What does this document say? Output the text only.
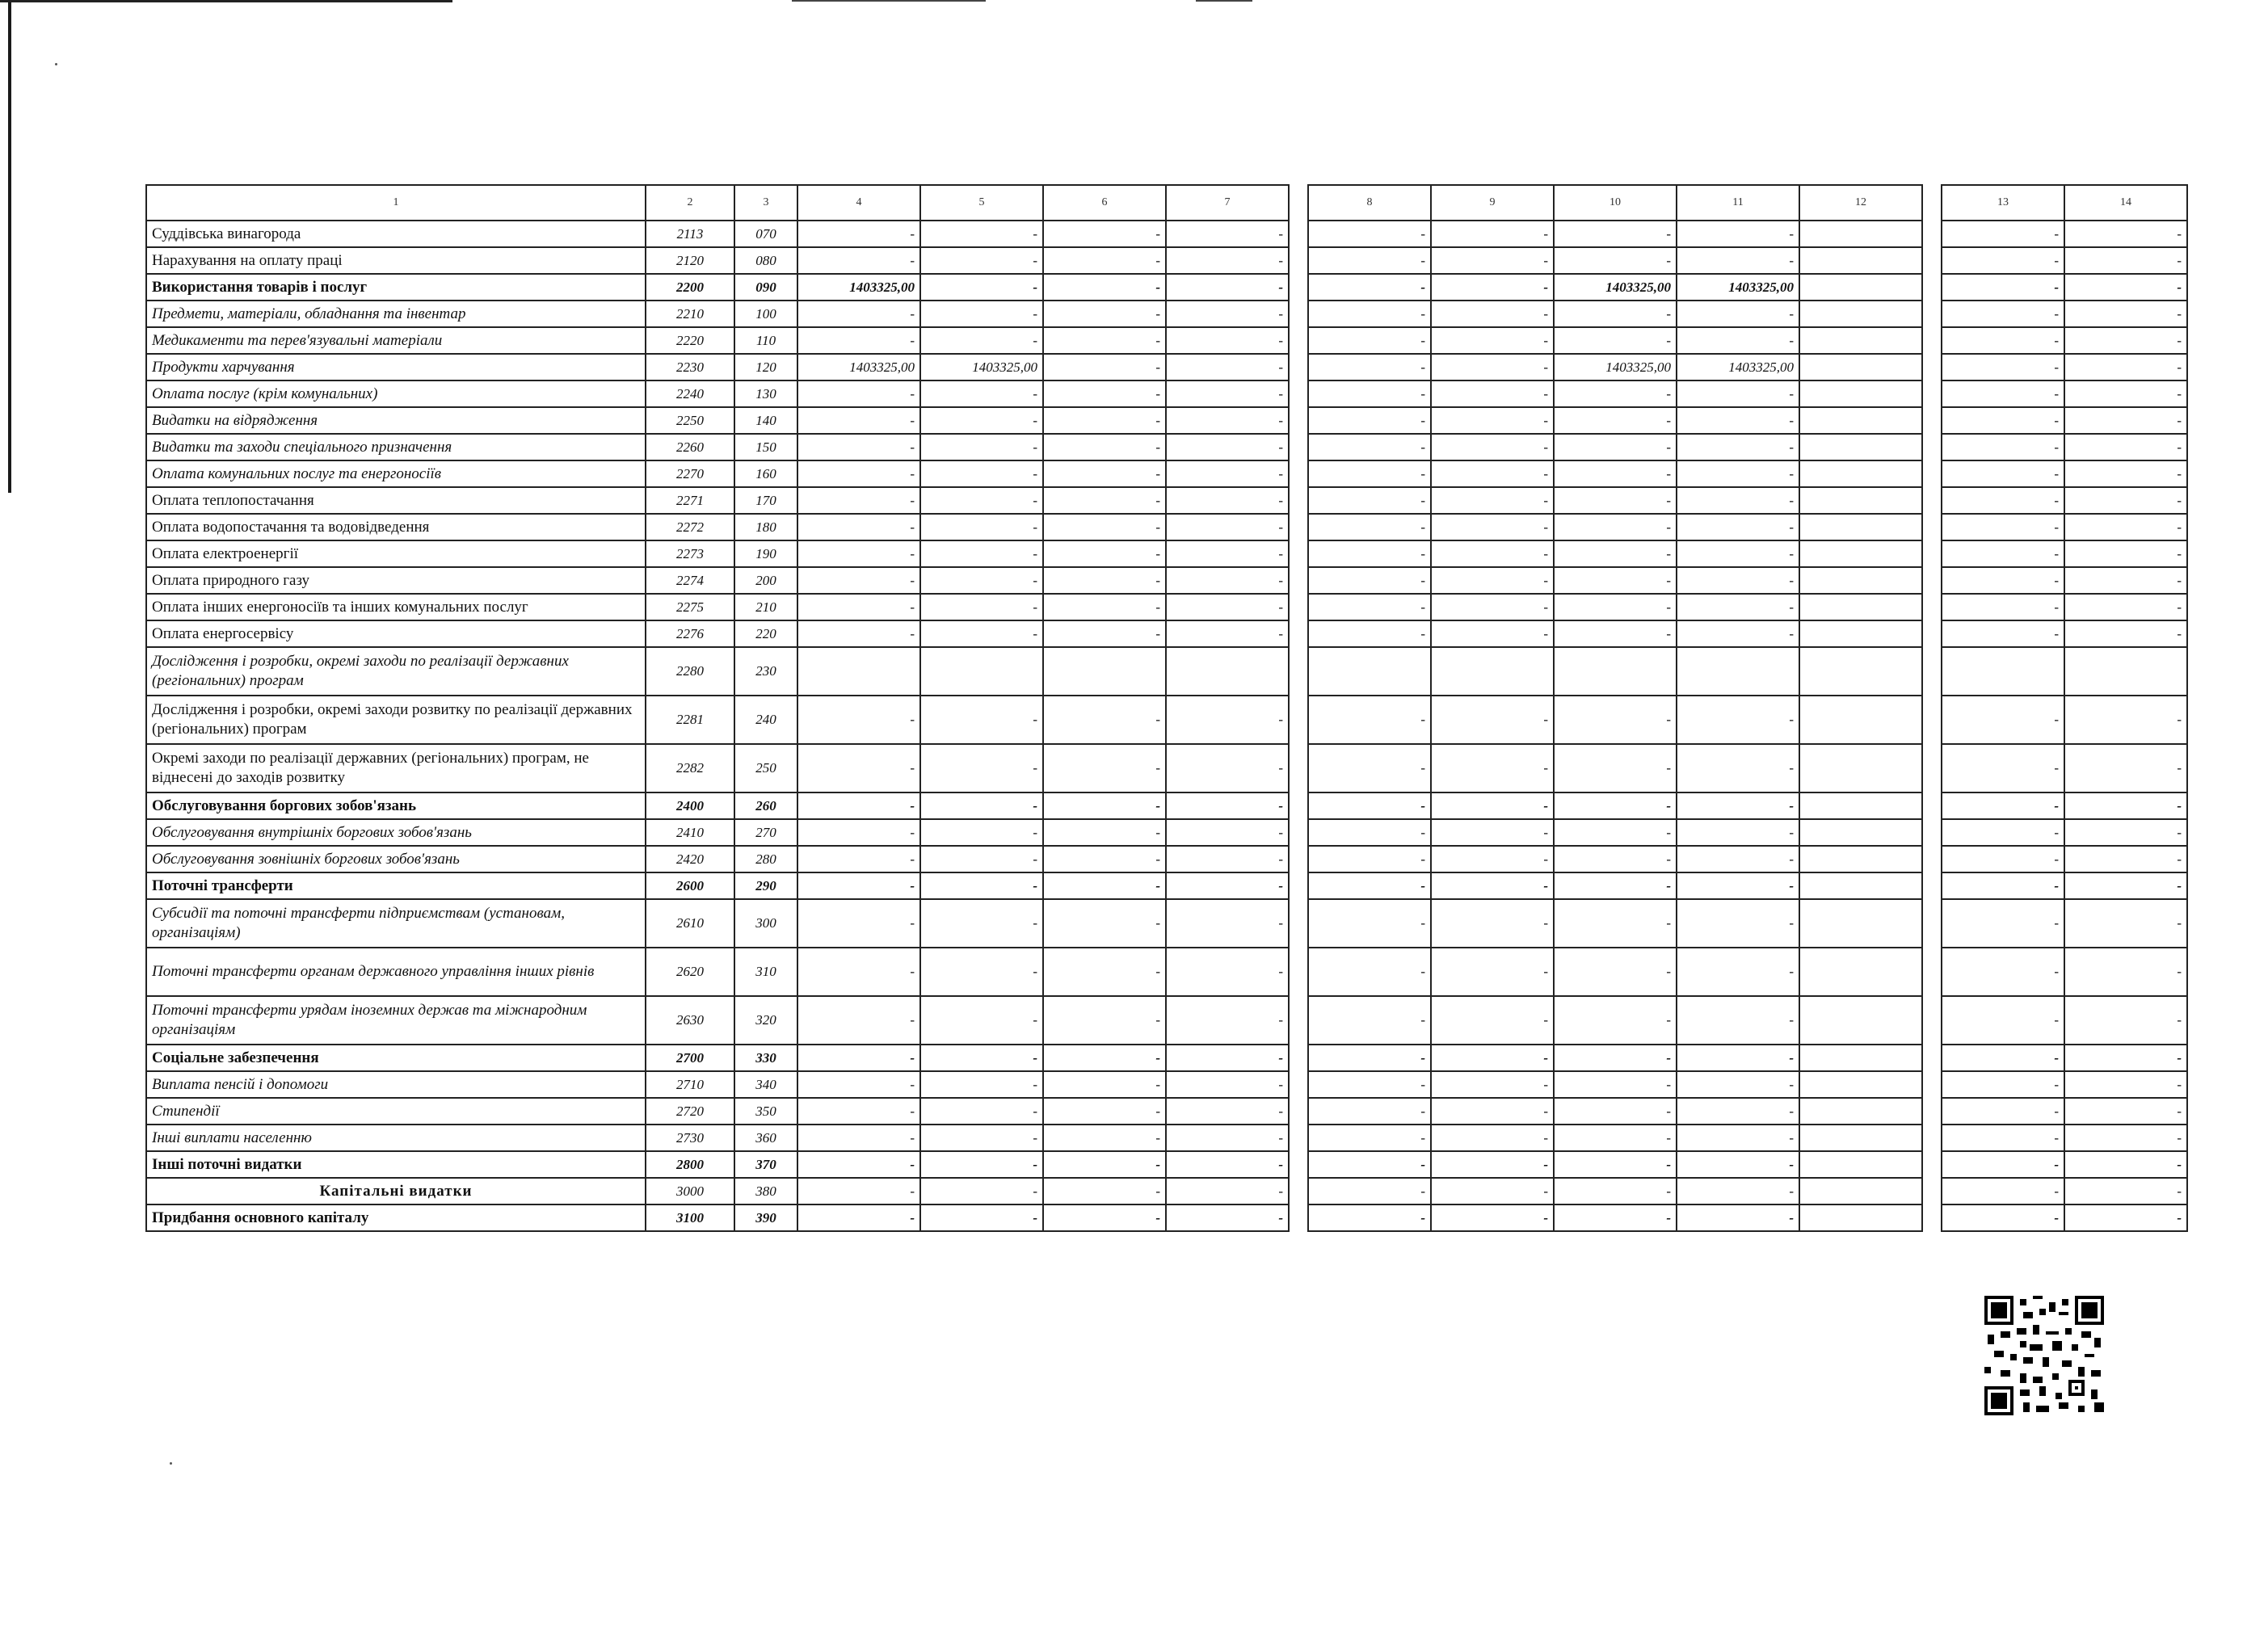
1	2	3	4	5	6	7		8	9	10	11	12		13	14
Суддівська винагорода	2113	070	-	-	-	-		-	-	-	-			-	-
Нарахування на оплату праці	2120	080	-	-	-	-		-	-	-	-			-	-
Використання товарів і послуг	2200	090	1403325,00	-	-	-		-	-	1403325,00	1403325,00			-	-
Предмети, матеріали, обладнання та інвентар	2210	100	-	-	-	-		-	-	-	-			-	-
Медикаменти та перев'язувальні матеріали	2220	110	-	-	-	-		-	-	-	-			-	-
Продукти харчування	2230	120	1403325,00	1403325,00	-	-		-	-	1403325,00	1403325,00			-	-
Оплата послуг (крім комунальних)	2240	130	-	-	-	-		-	-	-	-			-	-
Видатки на відрядження	2250	140	-	-	-	-		-	-	-	-			-	-
Видатки та заходи спеціального призначення	2260	150	-	-	-	-		-	-	-	-			-	-
Оплата комунальних послуг та енергоносіїв	2270	160	-	-	-	-		-	-	-	-			-	-
Оплата теплопостачання	2271	170	-	-	-	-		-	-	-	-			-	-
Оплата водопостачання та водовідведення	2272	180	-	-	-	-		-	-	-	-			-	-
Оплата електроенергії	2273	190	-	-	-	-		-	-	-	-			-	-
Оплата природного газу	2274	200	-	-	-	-		-	-	-	-			-	-
Оплата інших енергоносіїв та інших комунальних послуг	2275	210	-	-	-	-		-	-	-	-			-	-
Оплата енергосервісу	2276	220	-	-	-	-		-	-	-	-			-	-
Дослідження і розробки, окремі заходи по реалізації державних (регіональних) програм	2280	230													
Дослідження і розробки, окремі заходи розвитку по реалізації державних (регіональних) програм	2281	240	-	-	-	-		-	-	-	-			-	-
Окремі заходи по реалізації державних (регіональних) програм, не віднесені до заходів розвитку	2282	250	-	-	-	-		-	-	-	-			-	-
Обслуговування боргових зобов'язань	2400	260	-	-	-	-		-	-	-	-			-	-
Обслуговування внутрішніх боргових зобов'язань	2410	270	-	-	-	-		-	-	-	-			-	-
Обслуговування зовнішніх боргових зобов'язань	2420	280	-	-	-	-		-	-	-	-			-	-
Поточні трансферти	2600	290	-	-	-	-		-	-	-	-			-	-
Субсидії та поточні трансферти підприємствам (установам, організаціям)	2610	300	-	-	-	-		-	-	-	-			-	-
Поточні трансферти органам державного управління інших рівнів	2620	310	-	-	-	-		-	-	-	-			-	-
Поточні трансферти урядам іноземних держав та міжнародним організаціям	2630	320	-	-	-	-		-	-	-	-			-	-
Соціальне забезпечення	2700	330	-	-	-	-		-	-	-	-			-	-
Виплата пенсій і допомоги	2710	340	-	-	-	-		-	-	-	-			-	-
Стипендії	2720	350	-	-	-	-		-	-	-	-			-	-
Інші виплати населенню	2730	360	-	-	-	-		-	-	-	-			-	-
Інші поточні видатки	2800	370	-	-	-	-		-	-	-	-			-	-
Капітальні видатки	3000	380	-	-	-	-		-	-	-	-			-	-
Придбання основного капіталу	3100	390	-	-	-	-		-	-	-	-			-	-
